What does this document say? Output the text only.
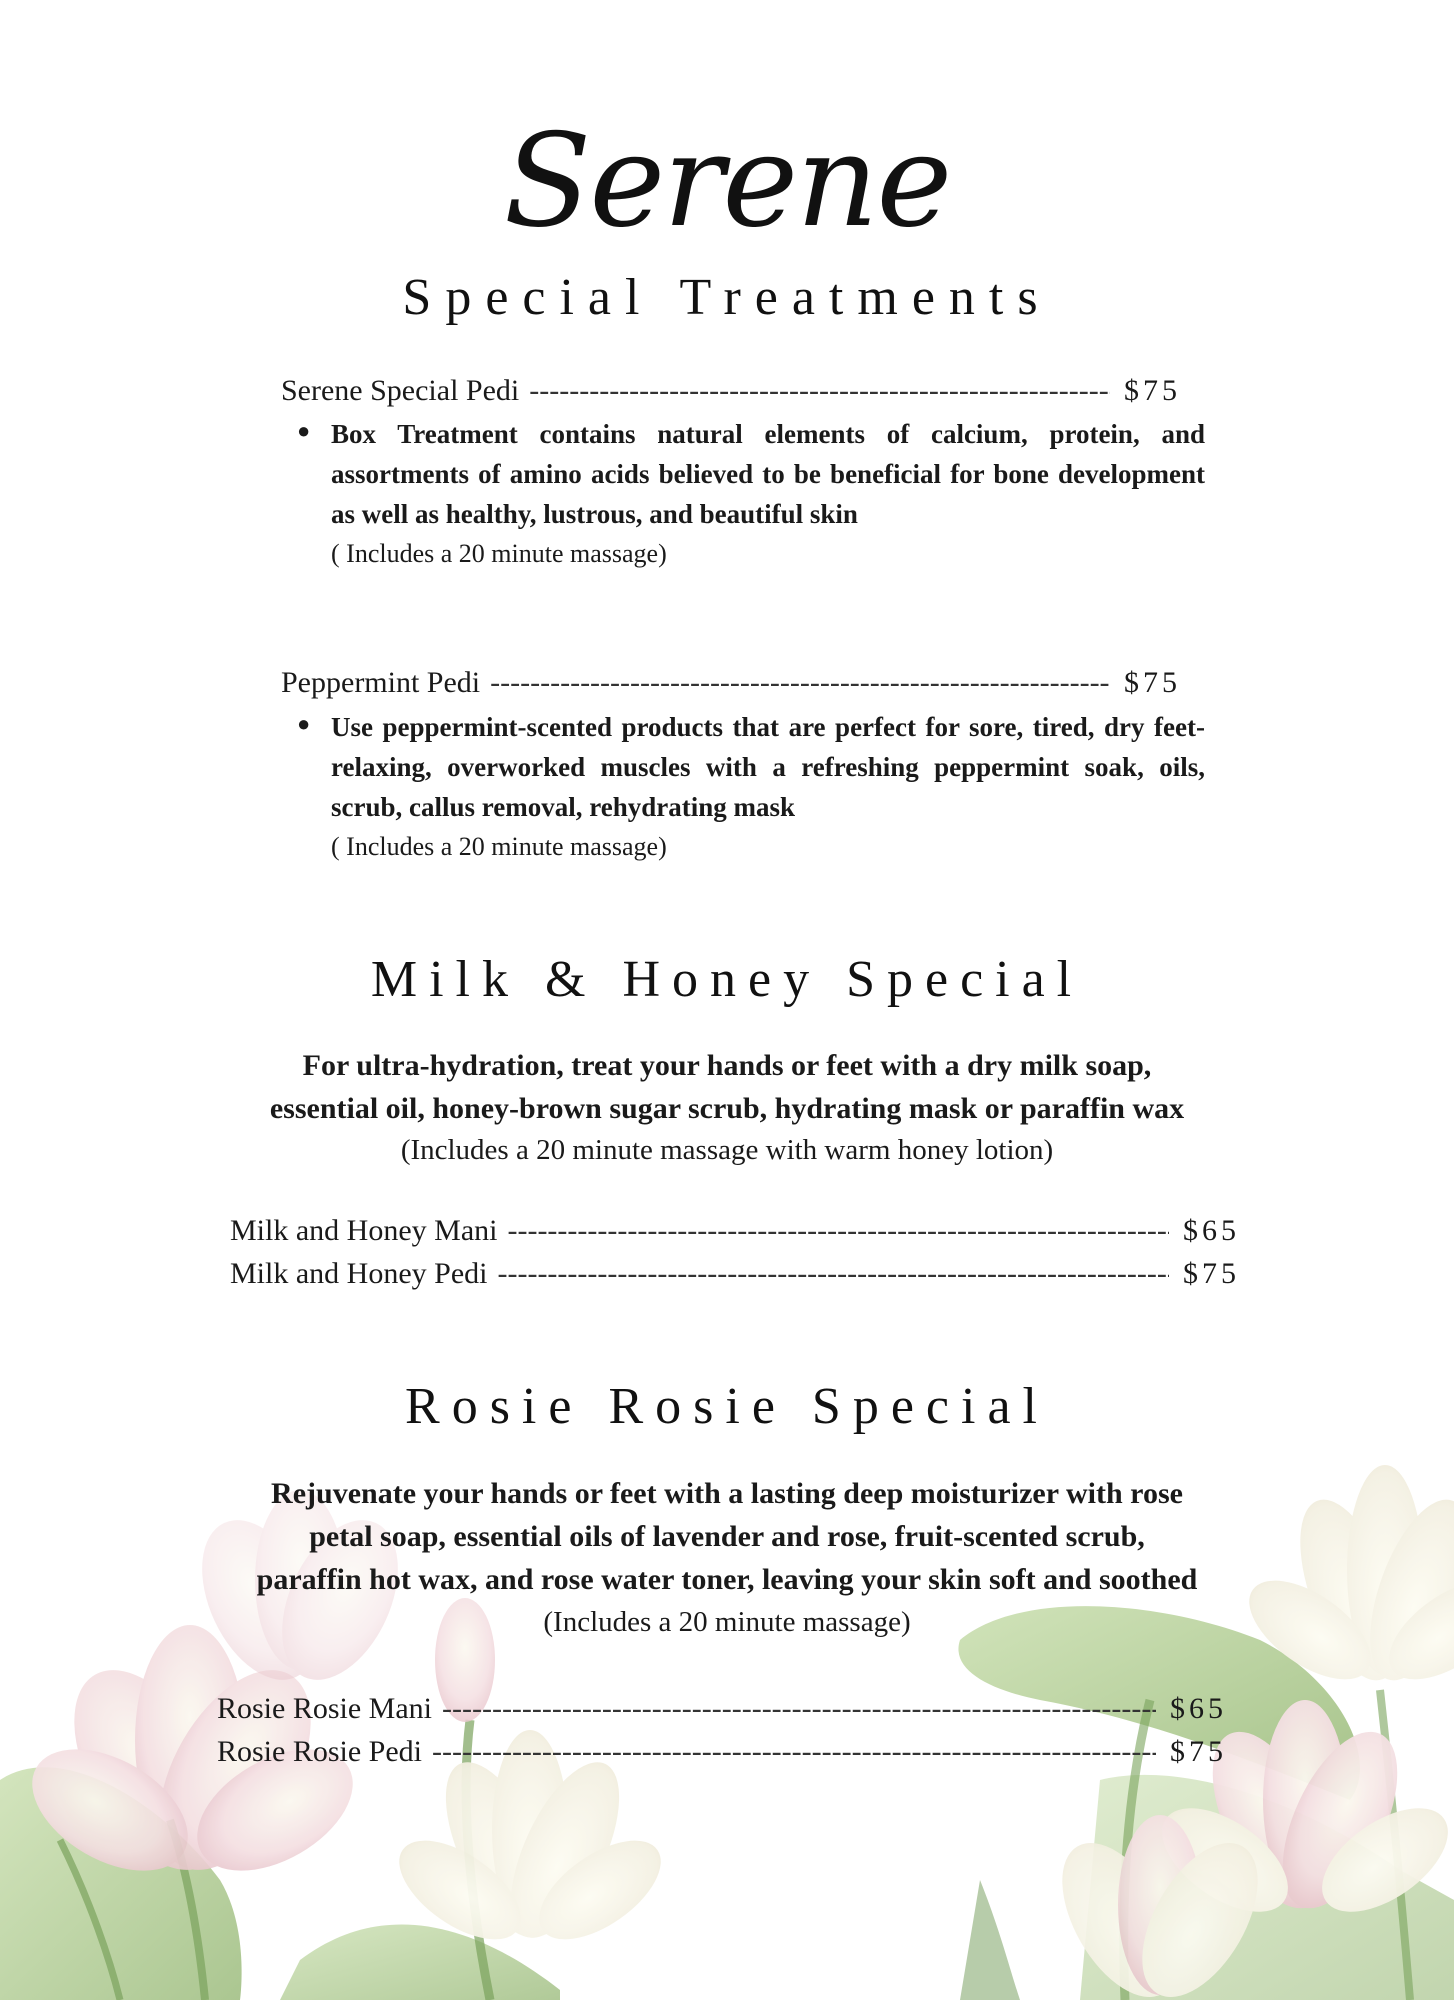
Serene
Special Treatments
Serene Special Pedi -----	$75
● Box Treatment contains natural elements of calcium, protein, and assortments of amino acids believed to be beneficial for bone development as well as healthy, lustrous, and beautiful skin
( Includes a 20 minute massage)
Peppermint Pedi -----	$75
● Use peppermint-scented products that are perfect for sore, tired, dry feet-relaxing, overworked muscles with a refreshing peppermint soak, oils, scrub, callus removal, rehydrating mask
( Includes a 20 minute massage)
Milk & Honey Special
For ultra-hydration, treat your hands or feet with a dry milk soap,
essential oil, honey-brown sugar scrub, hydrating mask or paraffin wax
(Includes a 20 minute massage with warm honey lotion)
Milk and Honey Mani -----	$65
Milk and Honey Pedi -----	$75
Rosie Rosie Special
Rejuvenate your hands or feet with a lasting deep moisturizer with rose
petal soap, essential oils of lavender and rose, fruit-scented scrub,
paraffin hot wax, and rose water toner, leaving your skin soft and soothed
(Includes a 20 minute massage)
Rosie Rosie Mani -----	$65
Rosie Rosie Pedi -----	$75
